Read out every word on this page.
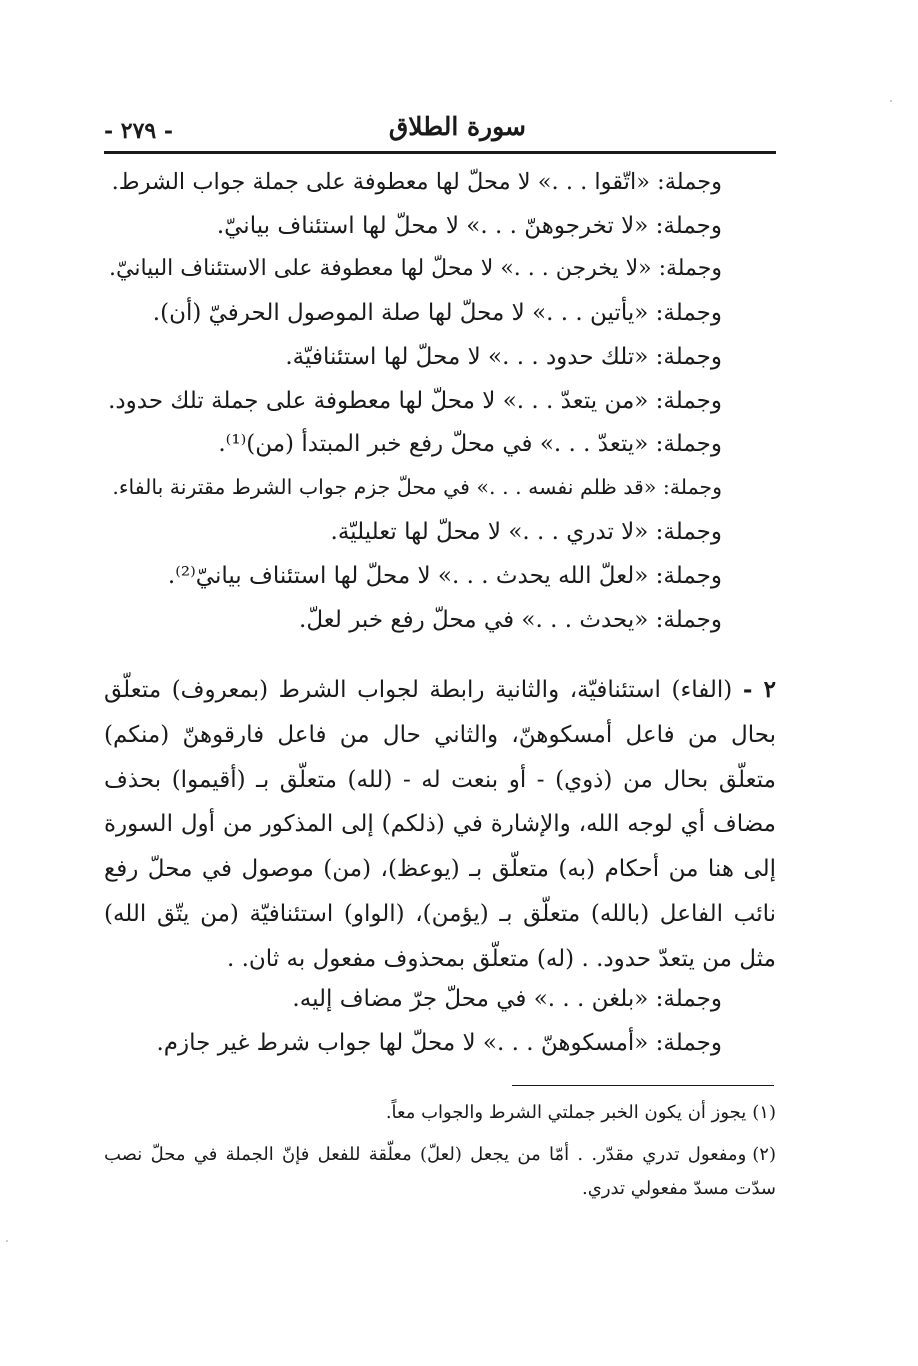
سورة الطلاق
- ٢٧٩ -
وجملة: «اتّقوا . . .» لا محلّ لها معطوفة على جملة جواب الشرط.
وجملة: «لا تخرجوهنّ . . .» لا محلّ لها استئناف بيانيّ.
وجملة: «لا يخرجن . . .» لا محلّ لها معطوفة على الاستئناف البيانيّ.
وجملة: «يأتين . . .» لا محلّ لها صلة الموصول الحرفيّ (أن).
وجملة: «تلك حدود . . .» لا محلّ لها استئنافيّة.
وجملة: «من يتعدّ . . .» لا محلّ لها معطوفة على جملة تلك حدود.
وجملة: «يتعدّ . . .» في محلّ رفع خبر المبتدأ (من)⁽¹⁾.
وجملة: «قد ظلم نفسه . . .» في محلّ جزم جواب الشرط مقترنة بالفاء.
وجملة: «لا تدري . . .» لا محلّ لها تعليليّة.
وجملة: «لعلّ الله يحدث . . .» لا محلّ لها استئناف بيانيّ⁽²⁾.
وجملة: «يحدث . . .» في محلّ رفع خبر لعلّ.
٢ - (الفاء) استئنافيّة، والثانية رابطة لجواب الشرط (بمعروف) متعلّق بحال من فاعل أمسكوهنّ، والثاني حال من فاعل فارقوهنّ (منكم) متعلّق بحال من (ذوي) - أو بنعت له - (لله) متعلّق بـ (أقيموا) بحذف مضاف أي لوجه الله، والإشارة في (ذلكم) إلى المذكور من أول السورة إلى هنا من أحكام (به) متعلّق بـ (يوعظ)، (من) موصول في محلّ رفع نائب الفاعل (بالله) متعلّق بـ (يؤمن)، (الواو) استئنافيّة (من يتّق الله) مثل من يتعدّ حدود. . (له) متعلّق بمحذوف مفعول به ثان. .
وجملة: «بلغن . . .» في محلّ جرّ مضاف إليه.
وجملة: «أمسكوهنّ . . .» لا محلّ لها جواب شرط غير جازم.
(١)يجوز أن يكون الخبر جملتي الشرط والجواب معاً.
(٢)ومفعول تدري مقدّر. . أمّا من يجعل (لعلّ) معلّقة للفعل فإنّ الجملة في محلّ نصب سدّت مسدّ مفعولي تدري.
